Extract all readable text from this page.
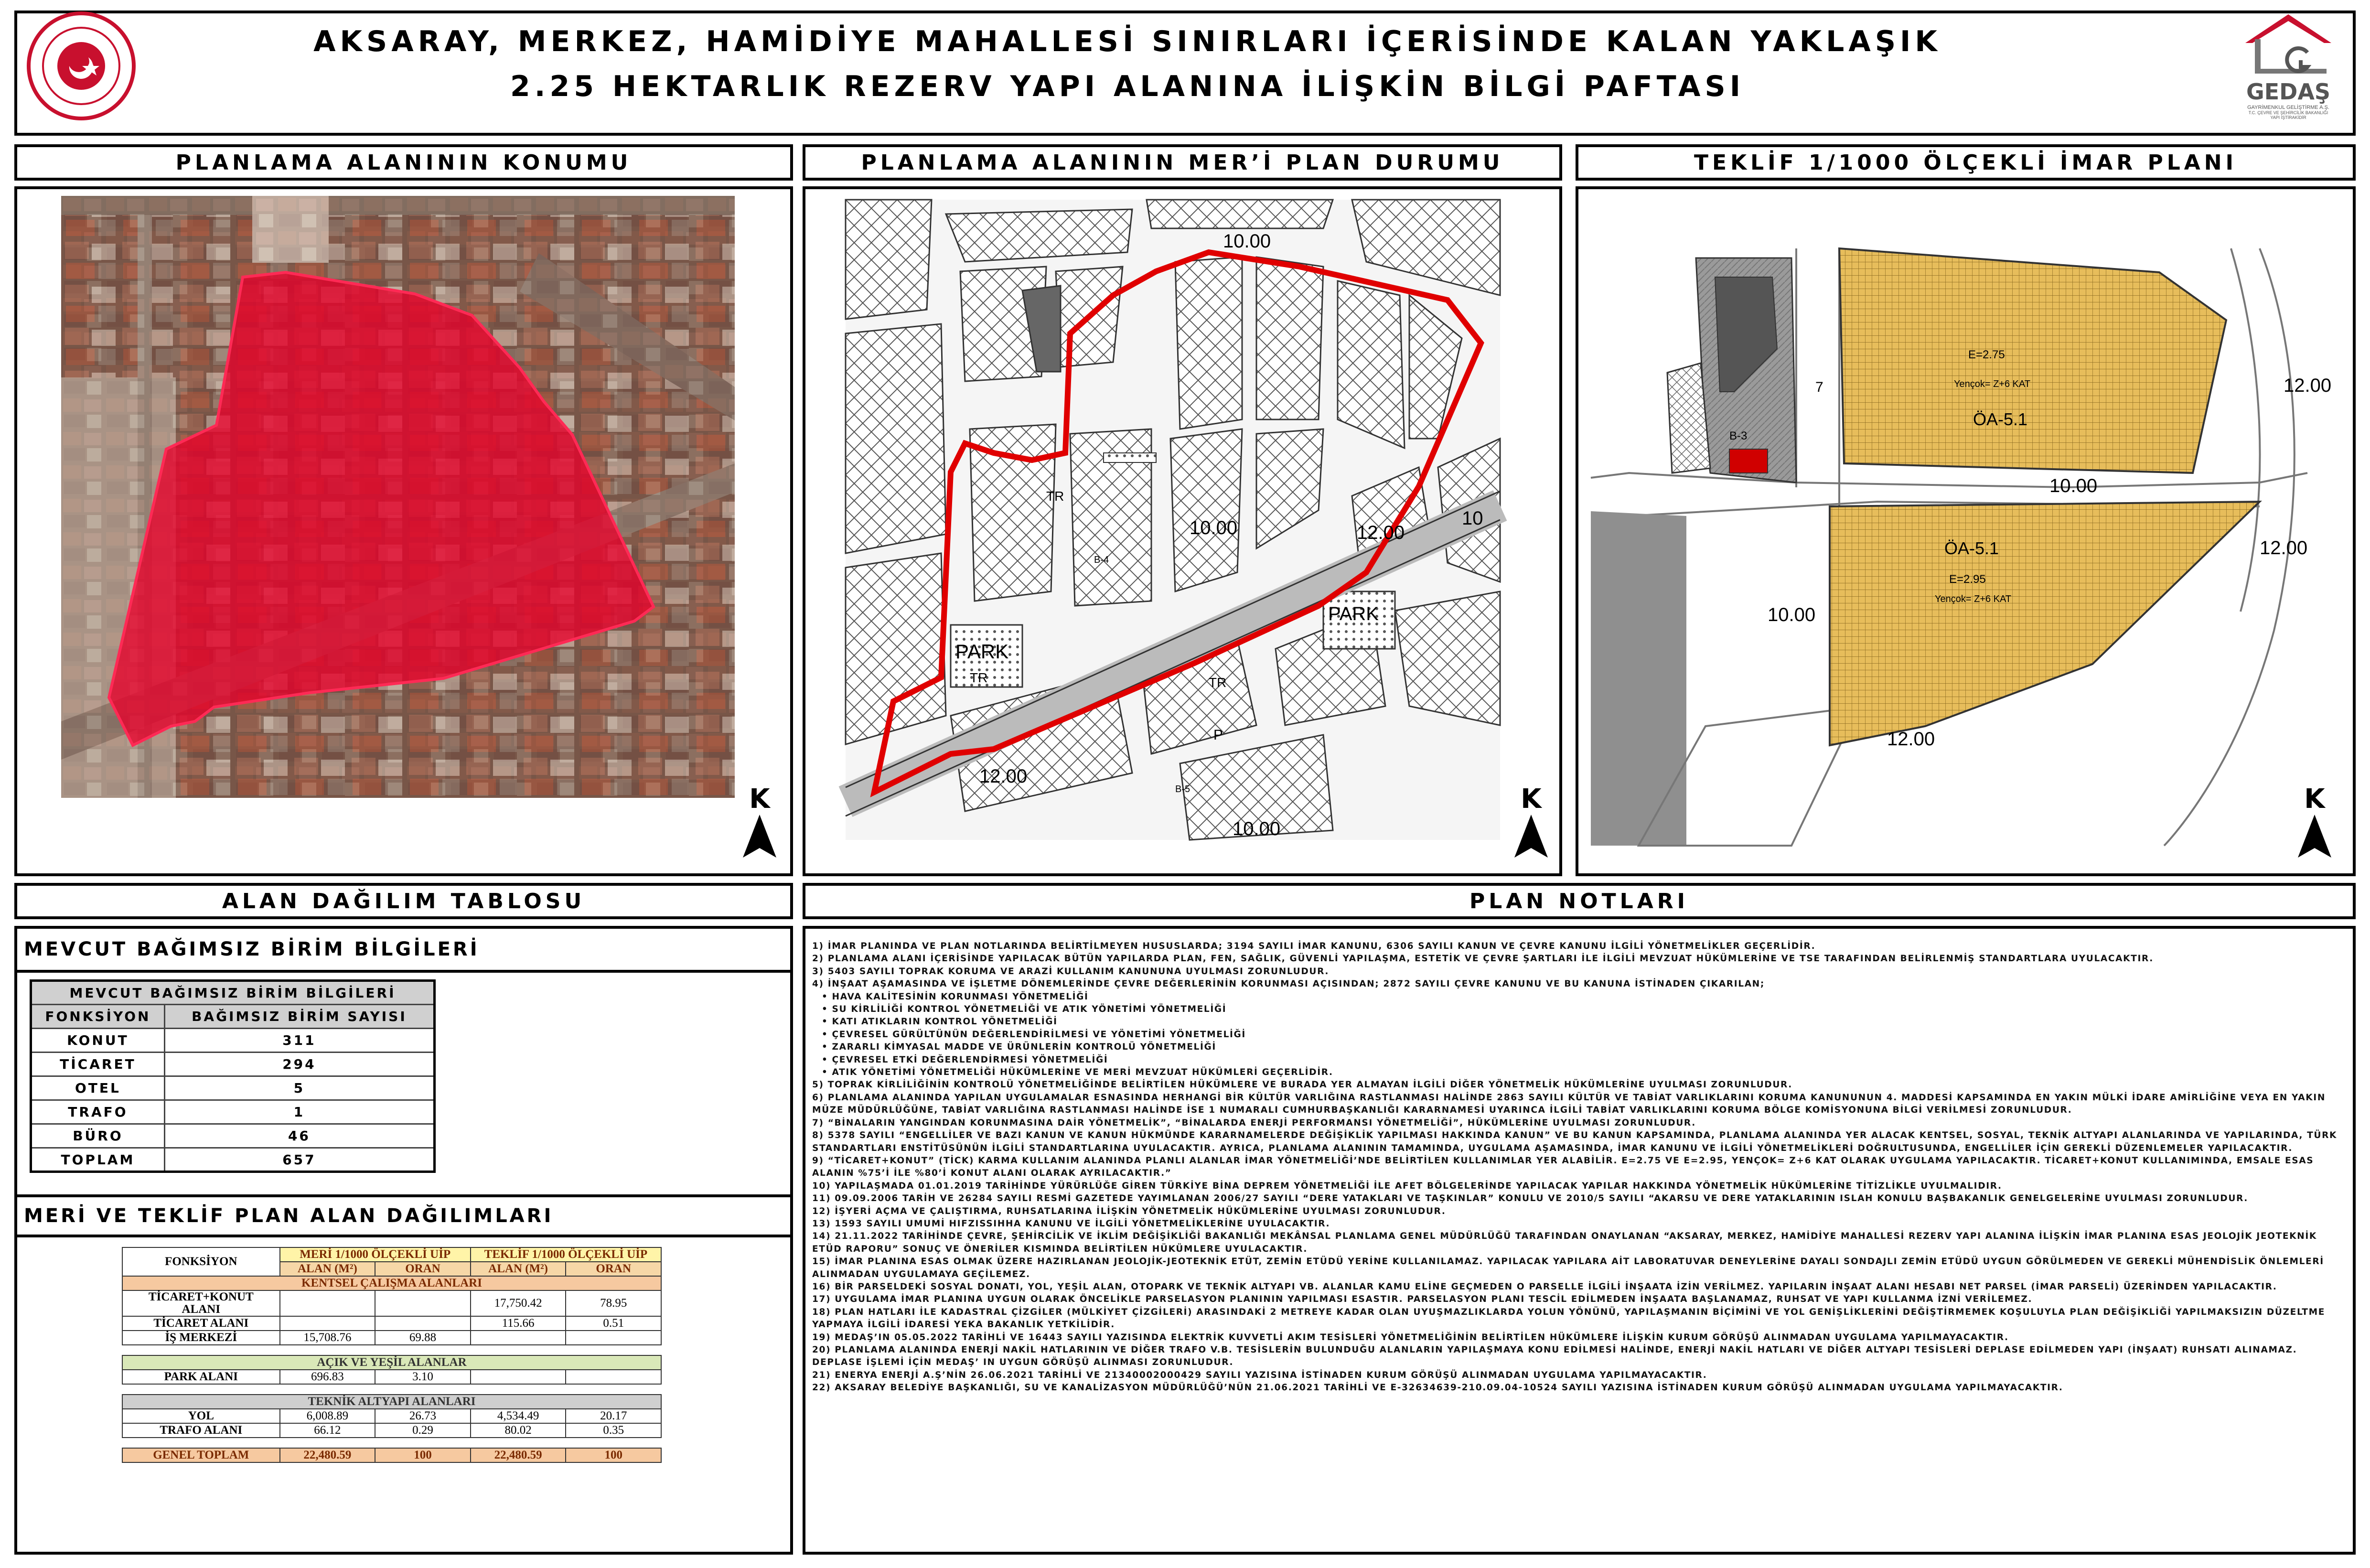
AKSARAY, MERKEZ, HAMİDİYE MAHALLESİ SINIRLARI İÇERİSİNDE KALAN YAKLAŞIK
2.25 HEKTARLIK REZERV YAPI ALANINA İLİŞKİN BİLGİ PAFTASI	GEDAŞ
GAYRİMENKUL GELİŞTİRME A.Ş.
T.C. ÇEVRE VE ŞEHİRCİLİK BAKANLIĞI
YAPI İŞTİRAKİDİR
PLANLAMA ALANININ KONUMU	PLANLAMA ALANININ MER’İ PLAN DURUMU	TEKLİF 1/1000 ÖLÇEKLİ İMAR PLANI
10.00
10.00	12.00
10
12.00
10.00
PARK
PARK
TR
TR	TR
P
B-4
B-5
E=2.75
Yençok= Z+6 KAT
ÖA-5.1
ÖA-5.1
E=2.95
Yençok= Z+6 KAT
B-3
7	12.00
10.00
12.00
10.00
12.00
K	K	K
ALAN DAĞILIM TABLOSU	PLAN NOTLARI
MEVCUT BAĞIMSIZ BİRİM BİLGİLERİ
MEVCUT BAĞIMSIZ BİRİM BİLGİLERİ	
FONKSİYON	BAĞIMSIZ BİRİM SAYISI
KONUT	311
TİCARET	294
OTEL	5
TRAFO	1
BÜRO	46
TOPLAM	657
MERİ VE TEKLİF PLAN ALAN DAĞILIMLARI
FONKSİYON	MERİ 1/1000 ÖLÇEKLİ UİP		TEKLİF 1/1000 ÖLÇEKLİ UİP	
	ALAN (M²)	ORAN	ALAN (M²)	ORAN
KENTSEL ÇALIŞMA ALANLARI				

TİCARET+KONUT
ALANI			17,750.42	78.95
TİCARET ALANI			115.66	0.51
İŞ MERKEZİ	15,708.76	69.88		

AÇIK VE YEŞİL ALANLAR				
PARK ALANI	696.83	3.10		

TEKNİK ALTYAPI ALANLARI				
YOL	6,008.89	26.73	4,534.49	20.17
TRAFO ALANI	66.12	0.29	80.02	0.35

GENEL TOPLAM	22,480.59	100	22,480.59	100

1) İMAR PLANINDA VE PLAN NOTLARINDA BELİRTİLMEYEN HUSUSLARDA; 3194 SAYILI İMAR KANUNU, 6306 SAYILI KANUN VE ÇEVRE KANUNU İLGİLİ YÖNETMELİKLER GEÇERLİDİR.

2) PLANLAMA ALANI İÇERİSİNDE YAPILACAK BÜTÜN YAPILARDA PLAN, FEN, SAĞLIK, GÜVENLİ YAPILAŞMA, ESTETİK VE ÇEVRE ŞARTLARI İLE İLGİLİ MEVZUAT HÜKÜMLERİNE VE TSE TARAFINDAN BELİRLENMİŞ STANDARTLARA UYULACAKTIR.

3) 5403 SAYILI TOPRAK KORUMA VE ARAZİ KULLANIM KANUNUNA UYULMASI ZORUNLUDUR.

4) İNŞAAT AŞAMASINDA VE İŞLETME DÖNEMLERİNDE ÇEVRE DEĞERLERİNİN KORUNMASI AÇISINDAN; 2872 SAYILI ÇEVRE KANUNU VE BU KANUNA İSTİNADEN ÇIKARILAN;

• HAVA KALİTESİNİN KORUNMASI YÖNETMELİĞİ

• SU KİRLİLİĞİ KONTROL YÖNETMELİĞİ VE ATIK YÖNETİMİ YÖNETMELİĞİ

• KATI ATIKLARIN KONTROL YÖNETMELİĞİ

• ÇEVRESEL GÜRÜLTÜNÜN DEĞERLENDİRİLMESİ VE YÖNETİMİ YÖNETMELİĞİ

• ZARARLI KİMYASAL MADDE VE ÜRÜNLERİN KONTROLÜ YÖNETMELİĞİ

• ÇEVRESEL ETKİ DEĞERLENDİRMESİ YÖNETMELİĞİ

• ATIK YÖNETİMİ YÖNETMELİĞİ HÜKÜMLERİNE VE MERİ MEVZUAT HÜKÜMLERİ GEÇERLİDİR.

5) TOPRAK KİRLİLİĞİNİN KONTROLÜ YÖNETMELİĞİNDE BELİRTİLEN HÜKÜMLERE VE BURADA YER ALMAYAN İLGİLİ DİĞER YÖNETMELİK HÜKÜMLERİNE UYULMASI ZORUNLUDUR.

6) PLANLAMA ALANINDA YAPILAN UYGULAMALAR ESNASINDA HERHANGİ BİR KÜLTÜR VARLIĞINA RASTLANMASI HALİNDE 2863 SAYILI KÜLTÜR VE TABİAT VARLIKLARINI KORUMA KANUNUNUN 4. MADDESİ KAPSAMINDA EN YAKIN MÜLKİ İDARE AMİRLİĞİNE VEYA EN YAKIN MÜZE MÜDÜRLÜĞÜNE, TABİAT VARLIĞINA RASTLANMASI HALİNDE İSE 1 NUMARALI CUMHURBAŞKANLIĞI KARARNAMESİ UYARINCA İLGİLİ TABİAT VARLIKLARINI KORUMA BÖLGE KOMİSYONUNA BİLGİ VERİLMESİ ZORUNLUDUR.

7) “BİNALARIN YANGINDAN KORUNMASINA DAİR YÖNETMELİK”, “BİNALARDA ENERJİ PERFORMANSI YÖNETMELİĞİ”, HÜKÜMLERİNE UYULMASI ZORUNLUDUR.

8) 5378 SAYILI “ENGELLİLER VE BAZI KANUN VE KANUN HÜKMÜNDE KARARNAMELERDE DEĞİŞİKLİK YAPILMASI HAKKINDA KANUN” VE BU KANUN KAPSAMINDA, PLANLAMA ALANINDA YER ALACAK KENTSEL, SOSYAL, TEKNİK ALTYAPI ALANLARINDA VE YAPILARINDA, TÜRK STANDARTLARI ENSTİTÜSÜNÜN İLGİLİ STANDARTLARINA UYULACAKTIR. AYRICA, PLANLAMA ALANININ TAMAMINDA, UYGULAMA AŞAMASINDA, İMAR KANUNU VE İLGİLİ YÖNETMELİKLERİ DOĞRULTUSUNDA, ENGELLİLER İÇİN GEREKLİ DÜZENLEMELER YAPILACAKTIR.

9) “TİCARET+KONUT” (TİCK) KARMA KULLANIM ALANINDA PLANLI ALANLAR İMAR YÖNETMELİĞİ’NDE BELİRTİLEN KULLANIMLAR YER ALABİLİR. E=2.75 VE E=2.95, YENÇOK= Z+6 KAT OLARAK UYGULAMA YAPILACAKTIR. TİCARET+KONUT KULLANIMINDA, EMSALE ESAS ALANIN %75’İ İLE %80’İ KONUT ALANI OLARAK AYRILACAKTIR.”

10) YAPILAŞMADA 01.01.2019 TARİHİNDE YÜRÜRLÜĞE GİREN TÜRKİYE BİNA DEPREM YÖNETMELİĞİ İLE AFET BÖLGELERİNDE YAPILACAK YAPILAR HAKKINDA YÖNETMELİK HÜKÜMLERİNE TİTİZLİKLE UYULMALIDIR.

11) 09.09.2006 TARİH VE 26284 SAYILI RESMİ GAZETEDE YAYIMLANAN 2006/27 SAYILI “DERE YATAKLARI VE TAŞKINLAR” KONULU VE 2010/5 SAYILI “AKARSU VE DERE YATAKLARININ ISLAH KONULU BAŞBAKANLIK GENELGELERİNE UYULMASI ZORUNLUDUR.

12) İŞYERİ AÇMA VE ÇALIŞTIRMA, RUHSATLARINA İLİŞKİN YÖNETMELİK HÜKÜMLERİNE UYULMASI ZORUNLUDUR.

13) 1593 SAYILI UMUMİ HIFZISSIHHA KANUNU VE İLGİLİ YÖNETMELİKLERİNE UYULACAKTIR.

14) 21.11.2022 TARİHİNDE ÇEVRE, ŞEHİRCİLİK VE İKLİM DEĞİŞİKLİĞİ BAKANLIĞI MEKÂNSAL PLANLAMA GENEL MÜDÜRLÜĞÜ TARAFINDAN ONAYLANAN “AKSARAY, MERKEZ, HAMİDİYE MAHALLESİ REZERV YAPI ALANINA İLİŞKİN İMAR PLANINA ESAS JEOLOJİK JEOTEKNİK ETÜD RAPORU” SONUÇ VE ÖNERİLER KISMINDA BELİRTİLEN HÜKÜMLERE UYULACAKTIR.

15) İMAR PLANINA ESAS OLMAK ÜZERE HAZIRLANAN JEOLOJİK-JEOTEKNİK ETÜT, ZEMİN ETÜDÜ YERİNE KULLANILAMAZ. YAPILACAK YAPILARA AİT LABORATUVAR DENEYLERİNE DAYALI SONDAJLI ZEMİN ETÜDÜ UYGUN GÖRÜLMEDEN VE GEREKLİ MÜHENDİSLİK ÖNLEMLERİ ALINMADAN UYGULAMAYA GEÇİLEMEZ.

16) BİR PARSELDEKİ SOSYAL DONATI, YOL, YEŞİL ALAN, OTOPARK VE TEKNİK ALTYAPI VB. ALANLAR KAMU ELİNE GEÇMEDEN O PARSELLE İLGİLİ İNŞAATA İZİN VERİLMEZ. YAPILARIN İNŞAAT ALANI HESABI NET PARSEL (İMAR PARSELİ) ÜZERİNDEN YAPILACAKTIR.

17) UYGULAMA İMAR PLANINA UYGUN OLARAK ÖNCELİKLE PARSELASYON PLANININ YAPILMASI ESASTIR. PARSELASYON PLANI TESCİL EDİLMEDEN İNŞAATA BAŞLANAMAZ, RUHSAT VE YAPI KULLANMA İZNİ VERİLEMEZ.

18) PLAN HATLARI İLE KADASTRAL ÇİZGİLER (MÜLKİYET ÇİZGİLERİ) ARASINDAKİ 2 METREYE KADAR OLAN UYUŞMAZLIKLARDA YOLUN YÖNÜNÜ, YAPILAŞMANIN BİÇİMİNİ VE YOL GENİŞLİKLERİNİ DEĞİŞTİRMEMEK KOŞULUYLA PLAN DEĞİŞİKLİĞİ YAPILMAKSIZIN DÜZELTME YAPMAYA İLGİLİ İDARESİ YEKA BAKANLIK YETKİLİDİR.

19) MEDAŞ’IN 05.05.2022 TARİHLİ VE 16443 SAYILI YAZISINDA ELEKTRİK KUVVETLİ AKIM TESİSLERİ YÖNETMELİĞİNİN BELİRTİLEN HÜKÜMLERE İLİŞKİN KURUM GÖRÜŞÜ ALINMADAN UYGULAMA YAPILMAYACAKTIR.

20) PLANLAMA ALANINDA ENERJİ NAKİL HATLARININ VE DİĞER TRAFO V.B. TESİSLERİN BULUNDUĞU ALANLARIN YAPILAŞMAYA KONU EDİLMESİ HALİNDE, ENERJİ NAKİL HATLARI VE DİĞER ALTYAPI TESİSLERİ DEPLASE EDİLMEDEN YAPI (İNŞAAT) RUHSATI ALINAMAZ. DEPLASE İŞLEMİ İÇİN MEDAŞ’ IN UYGUN GÖRÜŞÜ ALINMASI ZORUNLUDUR.

21) ENERYA ENERJİ A.Ş’NİN 26.06.2021 TARİHLİ VE 21340002000429 SAYILI YAZISINA İSTİNADEN KURUM GÖRÜŞÜ ALINMADAN UYGULAMA YAPILMAYACAKTIR.

22) AKSARAY BELEDİYE BAŞKANLIĞI, SU VE KANALİZASYON MÜDÜRLÜĞÜ’NÜN 21.06.2021 TARİHLİ VE E-32634639-210.09.04-10524 SAYILI YAZISINA İSTİNADEN KURUM GÖRÜŞÜ ALINMADAN UYGULAMA YAPILMAYACAKTIR.
